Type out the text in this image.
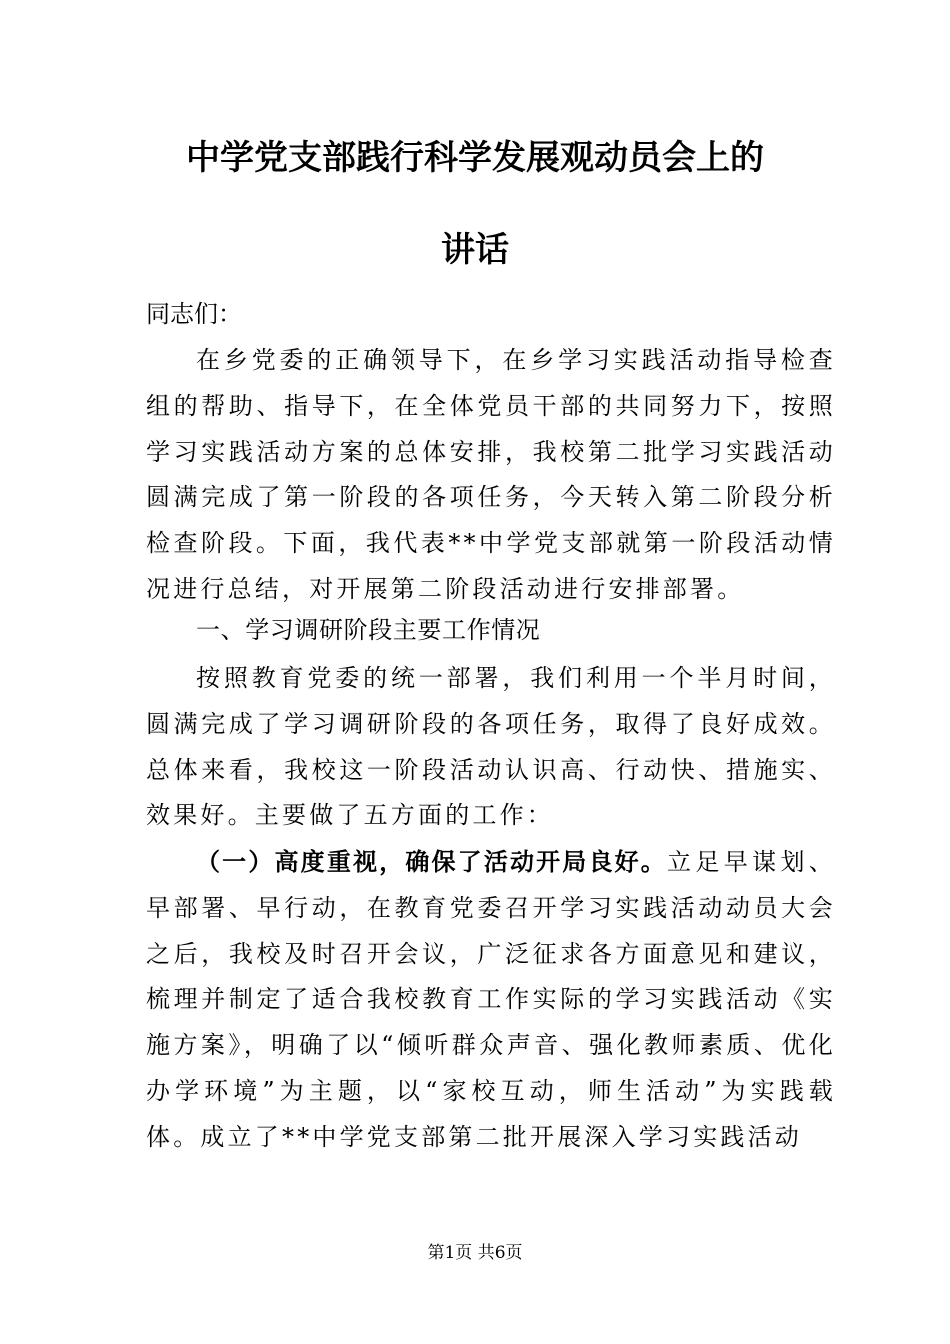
中学党支部践行科学发展观动员会上的
讲话
同志们：

在乡党委的正确领导下，在乡学习实践活动指导检查组的帮助、指导下，在全体党员干部的共同努力下，按照学习实践活动方案的总体安排，我校第二批学习实践活动圆满完成了第一阶段的各项任务，今天转入第二阶段分析检查阶段。下面，我代表**中学党支部就第一阶段活动情况进行总结，对开展第二阶段活动进行安排部署。

一、学习调研阶段主要工作情况

按照教育党委的统一部署，我们利用一个半月时间，圆满完成了学习调研阶段的各项任务，取得了良好成效。总体来看，我校这一阶段活动认识高、行动快、措施实、效果好。主要做了五方面的工作：

（一）高度重视，确保了活动开局良好。立足早谋划、早部署、早行动，在教育党委召开学习实践活动动员大会之后，我校及时召开会议，广泛征求各方面意见和建议，梳理并制定了适合我校教育工作实际的学习实践活动《实施方案》，明确了以“倾听群众声音、强化教师素质、优化办学环境”为主题，以“家校互动，师生活动”为实践载体。成立了**中学党支部第二批开展深入学习实践活动

第1页 共6页
